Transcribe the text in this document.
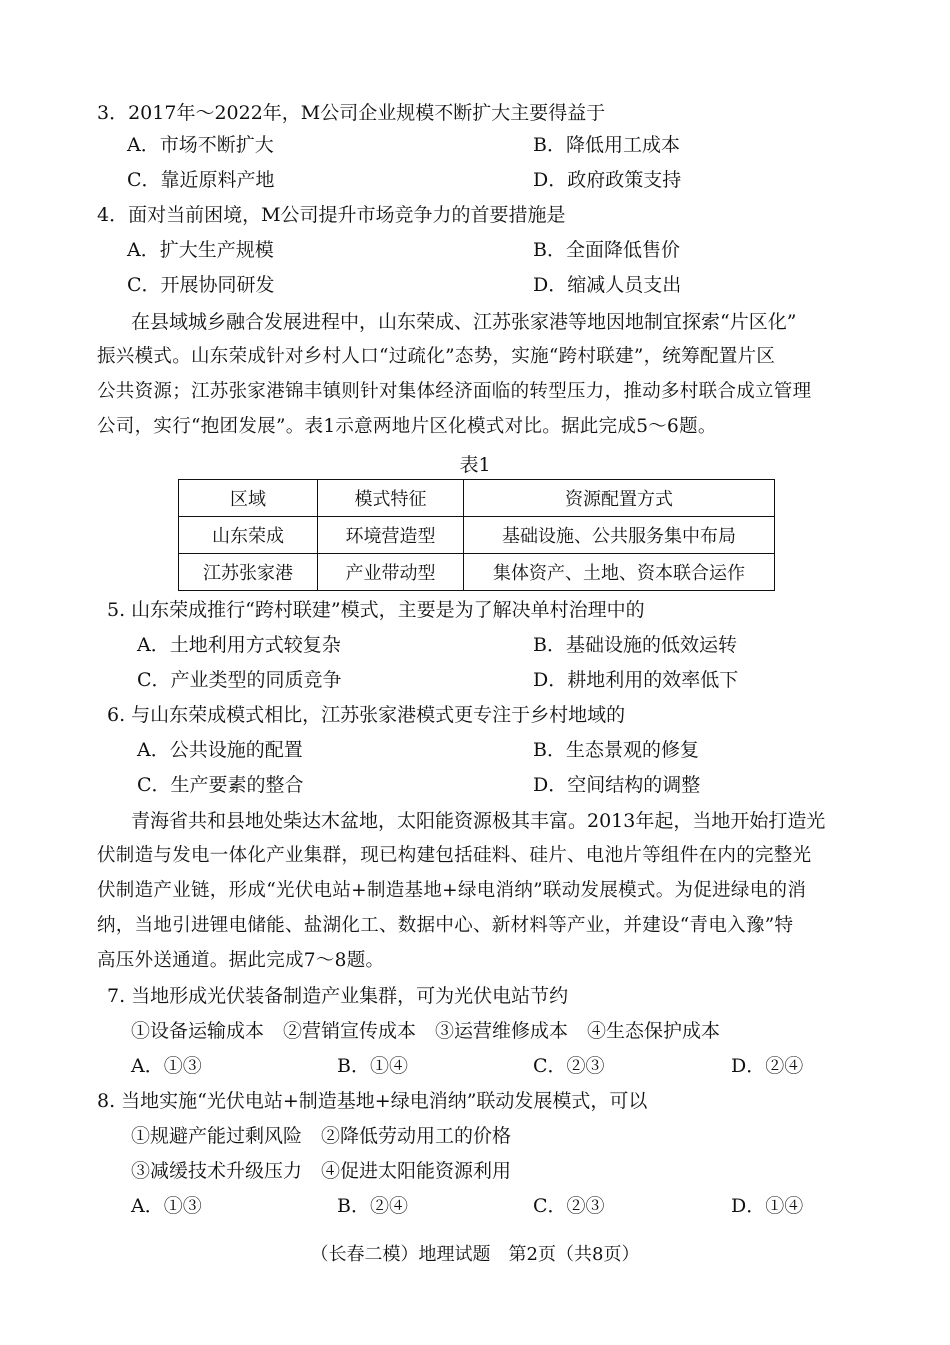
3．2017年～2022年，M公司企业规模不断扩大主要得益于
A．市场不断扩大	B．降低用工成本
C．靠近原料产地	D．政府政策支持
4．面对当前困境，M公司提升市场竞争力的首要措施是
A．扩大生产规模	B．全面降低售价
C．开展协同研发	D．缩减人员支出
在县域城乡融合发展进程中，山东荣成、江苏张家港等地因地制宜探索“片区化”
振兴模式。山东荣成针对乡村人口“过疏化”态势，实施“跨村联建”，统筹配置片区
公共资源；江苏张家港锦丰镇则针对集体经济面临的转型压力，推动多村联合成立管理
公司，实行“抱团发展”。表1示意两地片区化模式对比。据此完成5～6题。
表1
区域	模式特征	资源配置方式
山东荣成	环境营造型	基础设施、公共服务集中布局
江苏张家港	产业带动型	集体资产、土地、资本联合运作
5. 山东荣成推行“跨村联建”模式，主要是为了解决单村治理中的
A．土地利用方式较复杂	B．基础设施的低效运转
C．产业类型的同质竞争	D．耕地利用的效率低下
6. 与山东荣成模式相比，江苏张家港模式更专注于乡村地域的
A．公共设施的配置	B．生态景观的修复
C．生产要素的整合	D．空间结构的调整
青海省共和县地处柴达木盆地，太阳能资源极其丰富。2013年起，当地开始打造光
伏制造与发电一体化产业集群，现已构建包括硅料、硅片、电池片等组件在内的完整光
伏制造产业链，形成“光伏电站+制造基地+绿电消纳”联动发展模式。为促进绿电的消
纳，当地引进锂电储能、盐湖化工、数据中心、新材料等产业，并建设“青电入豫”特
高压外送通道。据此完成7～8题。
7. 当地形成光伏装备制造产业集群，可为光伏电站节约
①设备运输成本　②营销宣传成本　③运营维修成本　④生态保护成本
A．①③	B．①④	C．②③	D．②④
8. 当地实施“光伏电站+制造基地+绿电消纳”联动发展模式，可以
①规避产能过剩风险　②降低劳动用工的价格
③减缓技术升级压力　④促进太阳能资源利用
A．①③	B．②④	C．②③	D．①④
（长春二模）地理试题　第2页（共8页）
